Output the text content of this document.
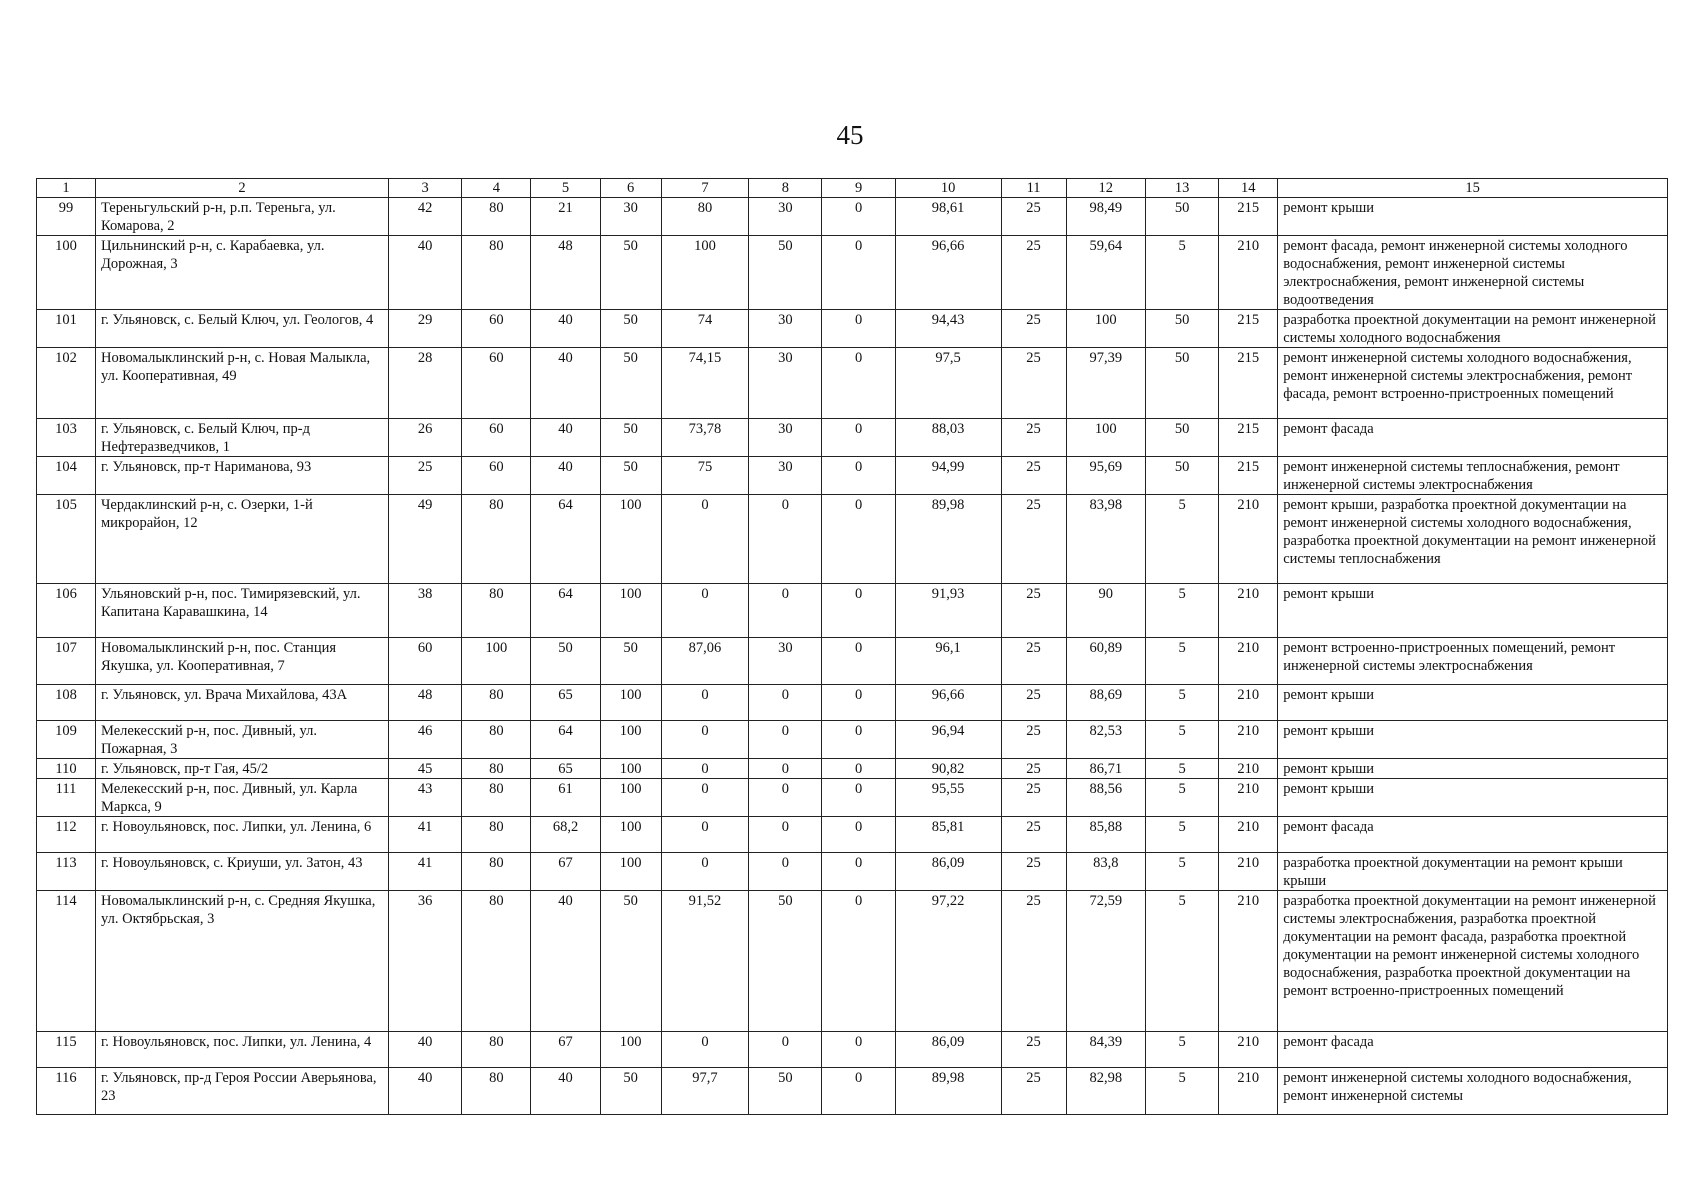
45
1	2	3	4	5	6	7	8	9	10	11	12	13	14	15
99	Тереньгульский р-н, р.п. Тереньга, ул. Комарова, 2	42	80	21	30	80	30	0	98,61	25	98,49	50	215	ремонт крыши
100	Цильнинский р-н, с. Карабаевка, ул. Дорожная, 3	40	80	48	50	100	50	0	96,66	25	59,64	5	210	ремонт фасада, ремонт инженерной системы холодного водоснабжения, ремонт инженерной системы электроснабжения, ремонт инженерной системы водоотведения
101	г. Ульяновск, с. Белый Ключ, ул. Геологов, 4	29	60	40	50	74	30	0	94,43	25	100	50	215	разработка проектной документации на ремонт инженерной системы холодного водоснабжения
102	Новомалыклинский р-н, с. Новая Малыкла, ул. Кооперативная, 49	28	60	40	50	74,15	30	0	97,5	25	97,39	50	215	ремонт инженерной системы холодного водоснабжения, ремонт инженерной системы электроснабжения, ремонт фасада, ремонт встроенно-пристроенных помещений
103	г. Ульяновск, с. Белый Ключ, пр-д Нефтеразведчиков, 1	26	60	40	50	73,78	30	0	88,03	25	100	50	215	ремонт фасада
104	г. Ульяновск, пр-т Нариманова, 93	25	60	40	50	75	30	0	94,99	25	95,69	50	215	ремонт инженерной системы теплоснабжения, ремонт инженерной системы электроснабжения
105	Чердаклинский р-н, с. Озерки, 1-й микрорайон, 12	49	80	64	100	0	0	0	89,98	25	83,98	5	210	ремонт крыши, разработка проектной документации на ремонт инженерной системы холодного водоснабжения, разработка проектной документации на ремонт инженерной системы теплоснабжения
106	Ульяновский р-н, пос. Тимирязевский, ул. Капитана Каравашкина, 14	38	80	64	100	0	0	0	91,93	25	90	5	210	ремонт крыши
107	Новомалыклинский р-н, пос. Станция Якушка, ул. Кооперативная, 7	60	100	50	50	87,06	30	0	96,1	25	60,89	5	210	ремонт встроенно-пристроенных помещений, ремонт инженерной системы электроснабжения
108	г. Ульяновск, ул. Врача Михайлова, 43А	48	80	65	100	0	0	0	96,66	25	88,69	5	210	ремонт крыши
109	Мелекесский р-н, пос. Дивный, ул. Пожарная, 3	46	80	64	100	0	0	0	96,94	25	82,53	5	210	ремонт крыши
110	г. Ульяновск, пр-т Гая, 45/2	45	80	65	100	0	0	0	90,82	25	86,71	5	210	ремонт крыши
111	Мелекесский р-н, пос. Дивный, ул. Карла Маркса, 9	43	80	61	100	0	0	0	95,55	25	88,56	5	210	ремонт крыши
112	г. Новоульяновск, пос. Липки, ул. Ленина, 6	41	80	68,2	100	0	0	0	85,81	25	85,88	5	210	ремонт фасада
113	г. Новоульяновск, с. Криуши, ул. Затон, 43	41	80	67	100	0	0	0	86,09	25	83,8	5	210	разработка проектной документации на ремонт крыши крыши
114	Новомалыклинский р-н, с. Средняя Якушка, ул. Октябрьская, 3	36	80	40	50	91,52	50	0	97,22	25	72,59	5	210	разработка проектной документации на ремонт инженерной системы электроснабжения, разработка проектной документации на ремонт фасада, разработка проектной документации на ремонт инженерной системы холодного водоснабжения, разработка проектной документации на ремонт встроенно-пристроенных помещений
115	г. Новоульяновск, пос. Липки, ул. Ленина, 4	40	80	67	100	0	0	0	86,09	25	84,39	5	210	ремонт фасада
116	г. Ульяновск, пр-д Героя России Аверьянова, 23	40	80	40	50	97,7	50	0	89,98	25	82,98	5	210	ремонт инженерной системы холодного водоснабжения, ремонт инженерной системы
